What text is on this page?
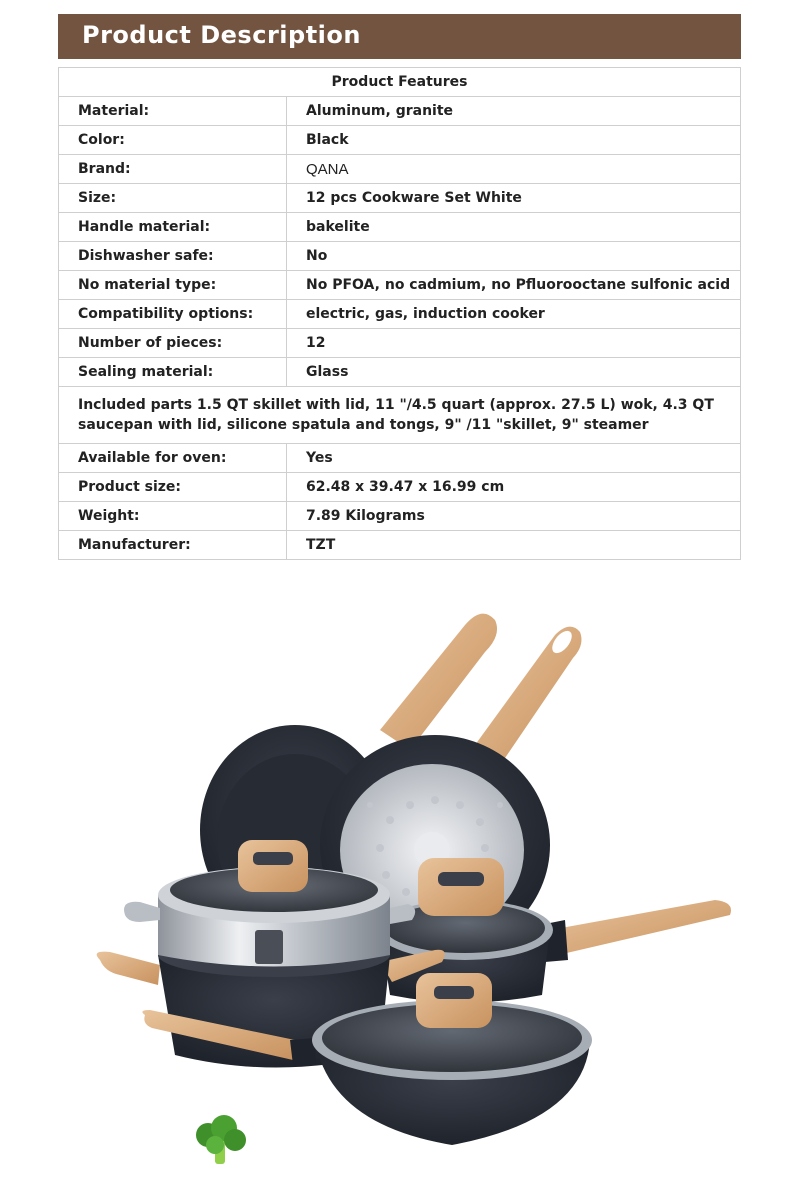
Product Description
Product Features	
Material:	Aluminum, granite
Color:	Black
Brand:	QANA
Size:	12 pcs Cookware Set White
Handle material:	bakelite
Dishwasher safe:	No
No material type:	No PFOA, no cadmium, no Pfluorooctane sulfonic acid
Compatibility options:	electric, gas, induction cooker
Number of pieces:	12
Sealing material:	Glass
Included parts 1.5 QT skillet with lid, 11 "/4.5 quart (approx. 27.5 L) wok, 4.3 QT saucepan with lid, silicone spatula and tongs, 9" /11 "skillet, 9" steamer	
Available for oven:	Yes
Product size:	62.48 x 39.47 x 16.99 cm
Weight:	7.89 Kilograms
Manufacturer:	TZT
